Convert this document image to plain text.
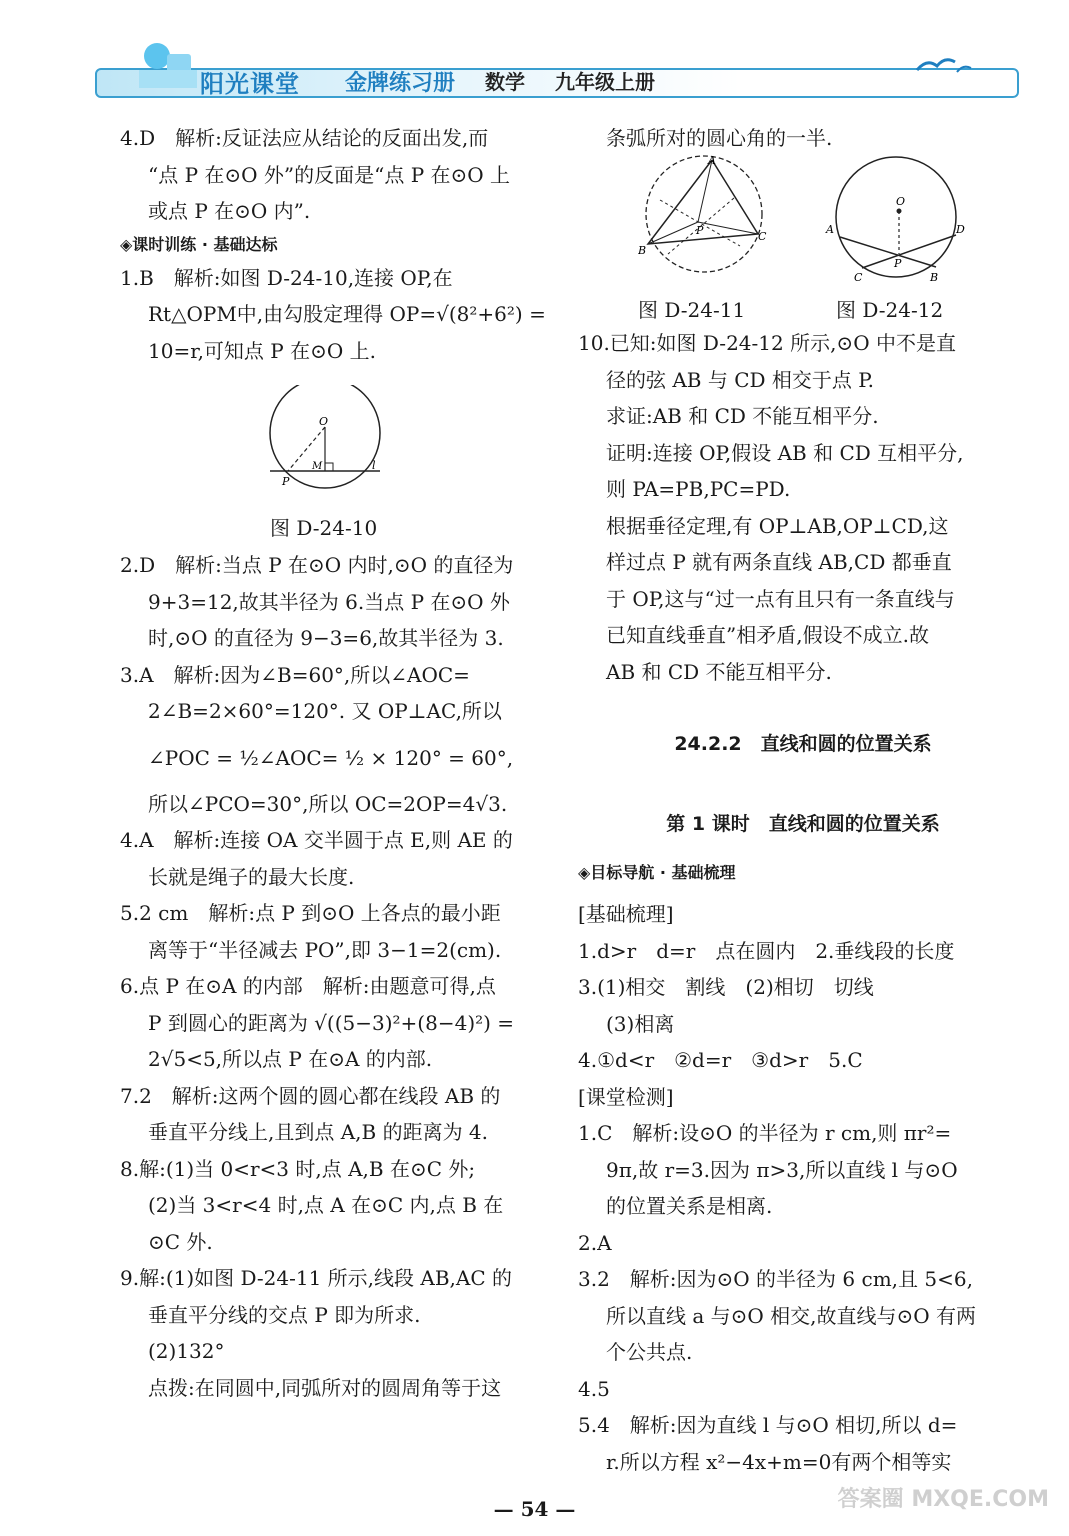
阳光课堂 金牌练习册 数学 九年级上册

4.D　解析:反证法应从结论的反面出发,而

“点 P 在⊙O 外”的反面是“点 P 在⊙O 上

或点 P 在⊙O 内”.

◈课时训练 · 基础达标

1.B　解析:如图 D-24-10,连接 OP,在

Rt△OPM中,由勾股定理得 OP=√(8²+6²) =

10=r,可知点 P 在⊙O 上.

2.D　解析:当点 P 在⊙O 内时,⊙O 的直径为

9+3=12,故其半径为 6.当点 P 在⊙O 外

时,⊙O 的直径为 9−3=6,故其半径为 3.

3.A　解析:因为∠B=60°,所以∠AOC=

2∠B=2×60°=120°. 又 OP⊥AC,所以

∠POC = ½∠AOC= ½ × 120° = 60°,

所以∠PCO=30°,所以 OC=2OP=4√3.

4.A　解析:连接 OA 交半圆于点 E,则 AE 的

长就是绳子的最大长度.

5.2 cm　解析:点 P 到⊙O 上各点的最小距

离等于“半径减去 PO”,即 3−1=2(cm).

6.点 P 在⊙A 的内部　解析:由题意可得,点

P 到圆心的距离为 √((5−3)²+(8−4)²) =

2√5<5,所以点 P 在⊙A 的内部.

7.2　解析:这两个圆的圆心都在线段 AB 的

垂直平分线上,且到点 A,B 的距离为 4.

8.解:(1)当 0<r<3 时,点 A,B 在⊙C 外;

(2)当 3<r<4 时,点 A 在⊙C 内,点 B 在

⊙C 外.

9.解:(1)如图 D-24-11 所示,线段 AB,AC 的

垂直平分线的交点 P 即为所求.

(2)132°

点拨:在同圆中,同弧所对的圆周角等于这

O
M
P
l
图 D-24-10
A
B
C
P
图 D-24-11
O
A	D
C
P
B
图 D-24-12

条弧所对的圆心角的一半.

10.已知:如图 D-24-12 所示,⊙O 中不是直

径的弦 AB 与 CD 相交于点 P.

求证:AB 和 CD 不能互相平分.

证明:连接 OP,假设 AB 和 CD 互相平分,

则 PA=PB,PC=PD.

根据垂径定理,有 OP⊥AB,OP⊥CD,这

样过点 P 就有两条直线 AB,CD 都垂直

于 OP,这与“过一点有且只有一条直线与

已知直线垂直”相矛盾,假设不成立.故

AB 和 CD 不能互相平分.

24.2.2　直线和圆的位置关系

第 1 课时　直线和圆的位置关系

◈目标导航 · 基础梳理

[基础梳理]

1.d>r　d=r　点在圆内　2.垂线段的长度

3.(1)相交　割线　(2)相切　切线

(3)相离

4.①d<r　②d=r　③d>r　5.C

[课堂检测]

1.C　解析:设⊙O 的半径为 r cm,则 πr²=

9π,故 r=3.因为 π>3,所以直线 l 与⊙O

的位置关系是相离.

2.A

3.2　解析:因为⊙O 的半径为 6 cm,且 5<6,

所以直线 a 与⊙O 相交,故直线与⊙O 有两

个公共点.

4.5

5.4　解析:因为直线 l 与⊙O 相切,所以 d=

r.所以方程 x²−4x+m=0有两个相等实

— 54 —	答案圈 MXQE.COM
